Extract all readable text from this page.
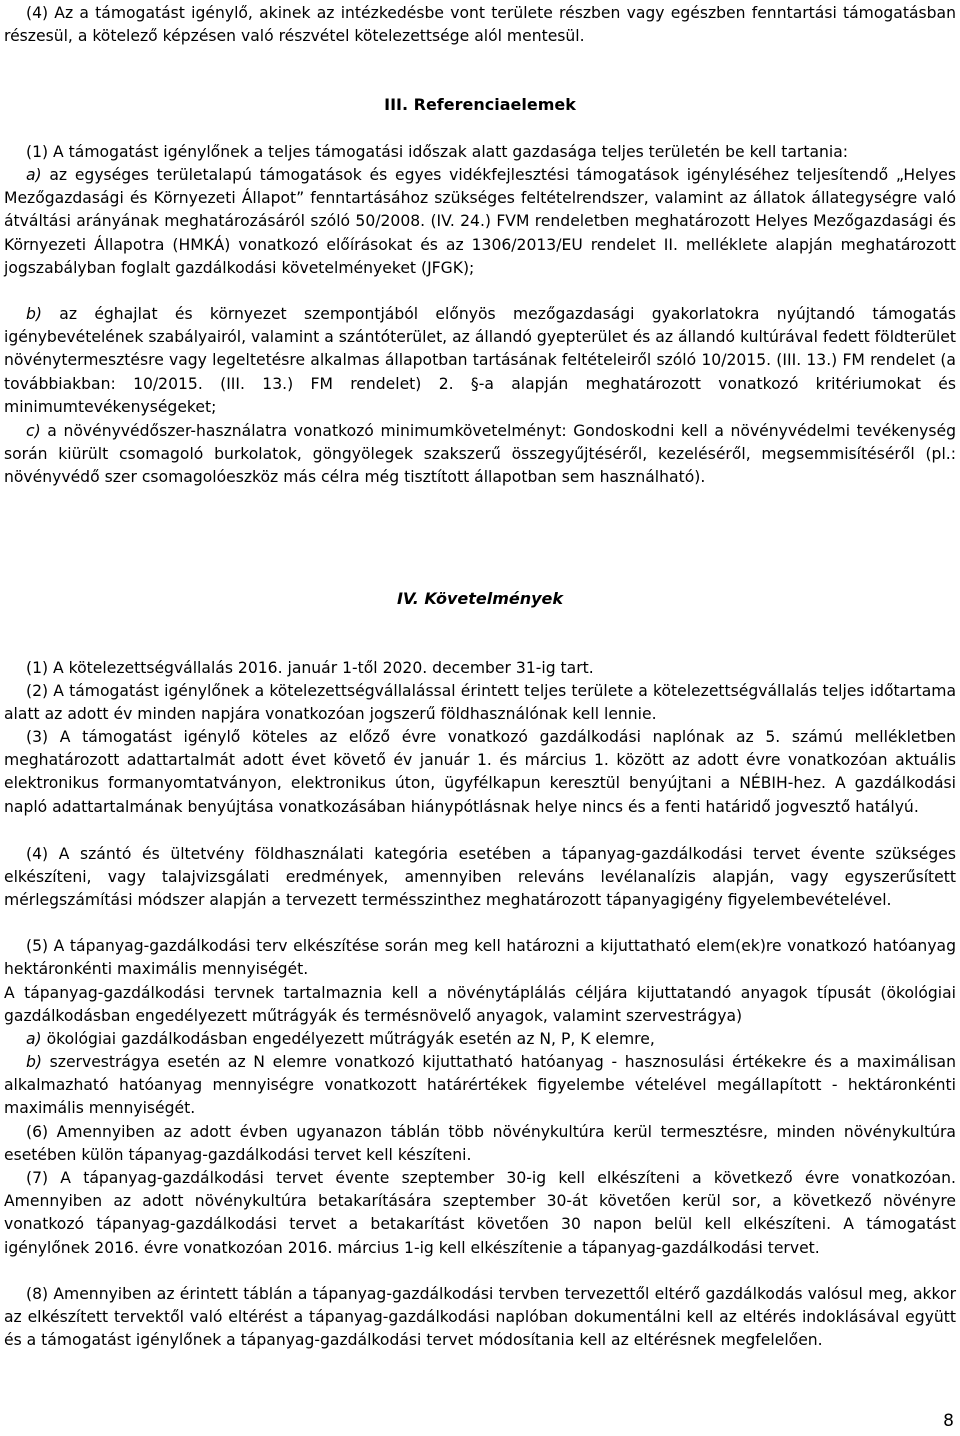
(4) Az a támogatást igénylő, akinek az intézkedésbe vont területe részben vagy egészben fenntartási támogatásban részesül, a kötelező képzésen való részvétel kötelezettsége alól mentesül.

III. Referenciaelemek

(1) A támogatást igénylőnek a teljes támogatási időszak alatt gazdasága teljes területén be kell tartania:

a) az egységes területalapú támogatások és egyes vidékfejlesztési támogatások igényléséhez teljesítendő „Helyes Mezőgazdasági és Környezeti Állapot” fenntartásához szükséges feltételrendszer, valamint az állatok állategységre való átváltási arányának meghatározásáról szóló 50/2008. (IV. 24.) FVM rendeletben meghatározott Helyes Mezőgazdasági és Környezeti Állapotra (HMKÁ) vonatkozó előírásokat és az 1306/2013/EU rendelet II. melléklete alapján meghatározott jogszabályban foglalt gazdálkodási követelményeket (JFGK);

b) az éghajlat és környezet szempontjából előnyös mezőgazdasági gyakorlatokra nyújtandó támogatás igénybevételének szabályairól, valamint a szántóterület, az állandó gyepterület és az állandó kultúrával fedett földterület növénytermesztésre vagy legeltetésre alkalmas állapotban tartásának feltételeiről szóló 10/2015. (III. 13.) FM rendelet (a továbbiakban: 10/2015. (III. 13.) FM rendelet) 2. §-a alapján meghatározott vonatkozó kritériumokat és minimumtevékenységeket;

c) a növényvédőszer-használatra vonatkozó minimumkövetelményt: Gondoskodni kell a növényvédelmi tevékenység során kiürült csomagoló burkolatok, göngyölegek szakszerű összegyűjtéséről, kezeléséről, megsemmisítéséről (pl.: növényvédő szer csomagolóeszköz más célra még tisztított állapotban sem használható).

IV. Követelmények

(1) A kötelezettségvállalás 2016. január 1-től 2020. december 31-ig tart.

(2) A támogatást igénylőnek a kötelezettségvállalással érintett teljes területe a kötelezettségvállalás teljes időtartama alatt az adott év minden napjára vonatkozóan jogszerű földhasználónak kell lennie.

(3) A támogatást igénylő köteles az előző évre vonatkozó gazdálkodási naplónak az 5. számú mellékletben meghatározott adattartalmát adott évet követő év január 1. és március 1. között az adott évre vonatkozóan aktuális elektronikus formanyomtatványon, elektronikus úton, ügyfélkapun keresztül benyújtani a NÉBIH-hez. A gazdálkodási napló adattartalmának benyújtása vonatkozásában hiánypótlásnak helye nincs és a fenti határidő jogvesztő hatályú.

(4) A szántó és ültetvény földhasználati kategória esetében a tápanyag-gazdálkodási tervet évente szükséges elkészíteni, vagy talajvizsgálati eredmények, amennyiben releváns levélanalízis alapján, vagy egyszerűsített mérlegszámítási módszer alapján a tervezett termésszinthez meghatározott tápanyagigény figyelembevételével.

(5) A tápanyag-gazdálkodási terv elkészítése során meg kell határozni a kijuttatható elem(ek)re vonatkozó hatóanyag hektáronkénti maximális mennyiségét.

A tápanyag-gazdálkodási tervnek tartalmaznia kell a növénytáplálás céljára kijuttatandó anyagok típusát (ökológiai gazdálkodásban engedélyezett műtrágyák és termésnövelő anyagok, valamint szervestrágya)

a) ökológiai gazdálkodásban engedélyezett műtrágyák esetén az N, P, K elemre,

b) szervestrágya esetén az N elemre vonatkozó kijuttatható hatóanyag - hasznosulási értékekre és a maximálisan alkalmazható hatóanyag mennyiségre vonatkozott határértékek figyelembe vételével megállapított - hektáronkénti maximális mennyiségét.

(6) Amennyiben az adott évben ugyanazon táblán több növénykultúra kerül termesztésre, minden növénykultúra esetében külön tápanyag-gazdálkodási tervet kell készíteni.

(7) A tápanyag-gazdálkodási tervet évente szeptember 30-ig kell elkészíteni a következő évre vonatkozóan. Amennyiben az adott növénykultúra betakarítására szeptember 30-át követően kerül sor, a következő növényre vonatkozó tápanyag-gazdálkodási tervet a betakarítást követően 30 napon belül kell elkészíteni. A támogatást igénylőnek 2016. évre vonatkozóan 2016. március 1-ig kell elkészítenie a tápanyag-gazdálkodási tervet.

(8) Amennyiben az érintett táblán a tápanyag-gazdálkodási tervben tervezettől eltérő gazdálkodás valósul meg, akkor az elkészített tervektől való eltérést a tápanyag-gazdálkodási naplóban dokumentálni kell az eltérés indoklásával együtt és a támogatást igénylőnek a tápanyag-gazdálkodási tervet módosítania kell az eltérésnek megfelelően.

8
